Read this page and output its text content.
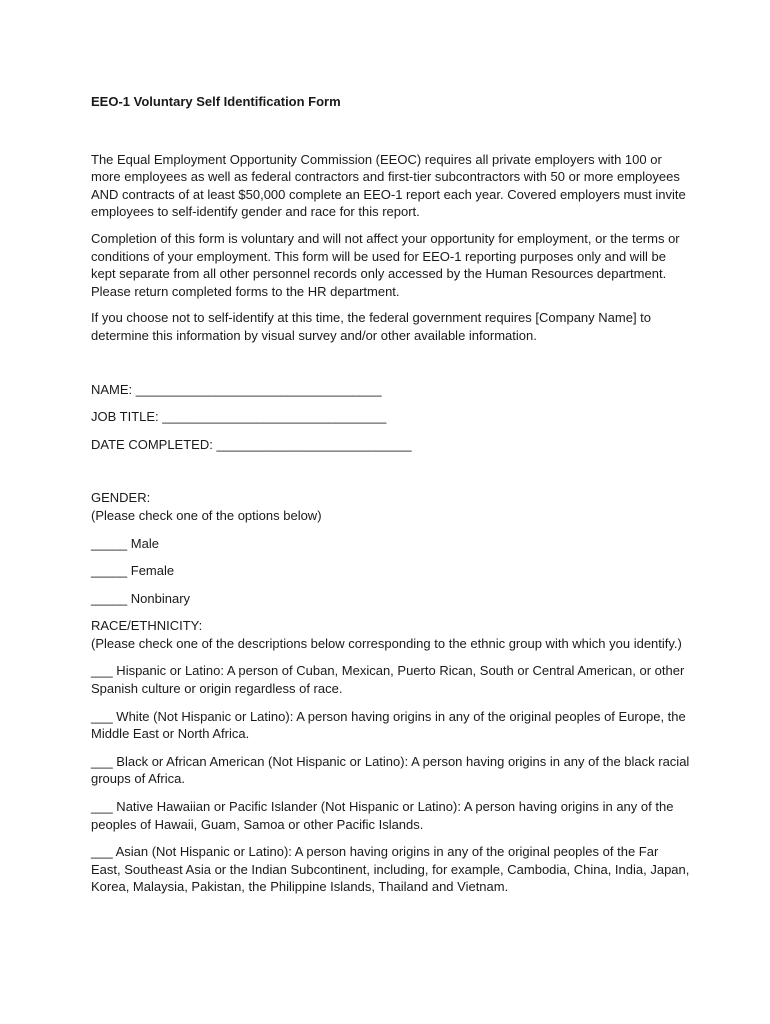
EEO-1 Voluntary Self Identification Form

The Equal Employment Opportunity Commission (EEOC) requires all private employers with 100 or more employees as well as federal contractors and first-tier subcontractors with 50 or more employees AND contracts of at least $50,000 complete an EEO-1 report each year. Covered employers must invite employees to self-identify gender and race for this report.

Completion of this form is voluntary and will not affect your opportunity for employment, or the terms or conditions of your employment. This form will be used for EEO-1 reporting purposes only and will be kept separate from all other personnel records only accessed by the Human Resources department. Please return completed forms to the HR department.

If you choose not to self-identify at this time, the federal government requires [Company Name] to determine this information by visual survey and/or other available information.

NAME: __________________________________
JOB TITLE: _______________________________
DATE COMPLETED: ___________________________
GENDER:
(Please check one of the options below)
_____ Male
_____ Female
_____ Nonbinary
RACE/ETHNICITY:
(Please check one of the descriptions below corresponding to the ethnic group with which you identify.)
___ Hispanic or Latino: A person of Cuban, Mexican, Puerto Rican, South or Central American, or other Spanish culture or origin regardless of race.
___ White (Not Hispanic or Latino): A person having origins in any of the original peoples of Europe, the Middle East or North Africa.
___ Black or African American (Not Hispanic or Latino): A person having origins in any of the black racial groups of Africa.
___ Native Hawaiian or Pacific Islander (Not Hispanic or Latino): A person having origins in any of the peoples of Hawaii, Guam, Samoa or other Pacific Islands.
___ Asian (Not Hispanic or Latino): A person having origins in any of the original peoples of the Far East, Southeast Asia or the Indian Subcontinent, including, for example, Cambodia, China, India, Japan, Korea, Malaysia, Pakistan, the Philippine Islands, Thailand and Vietnam.
